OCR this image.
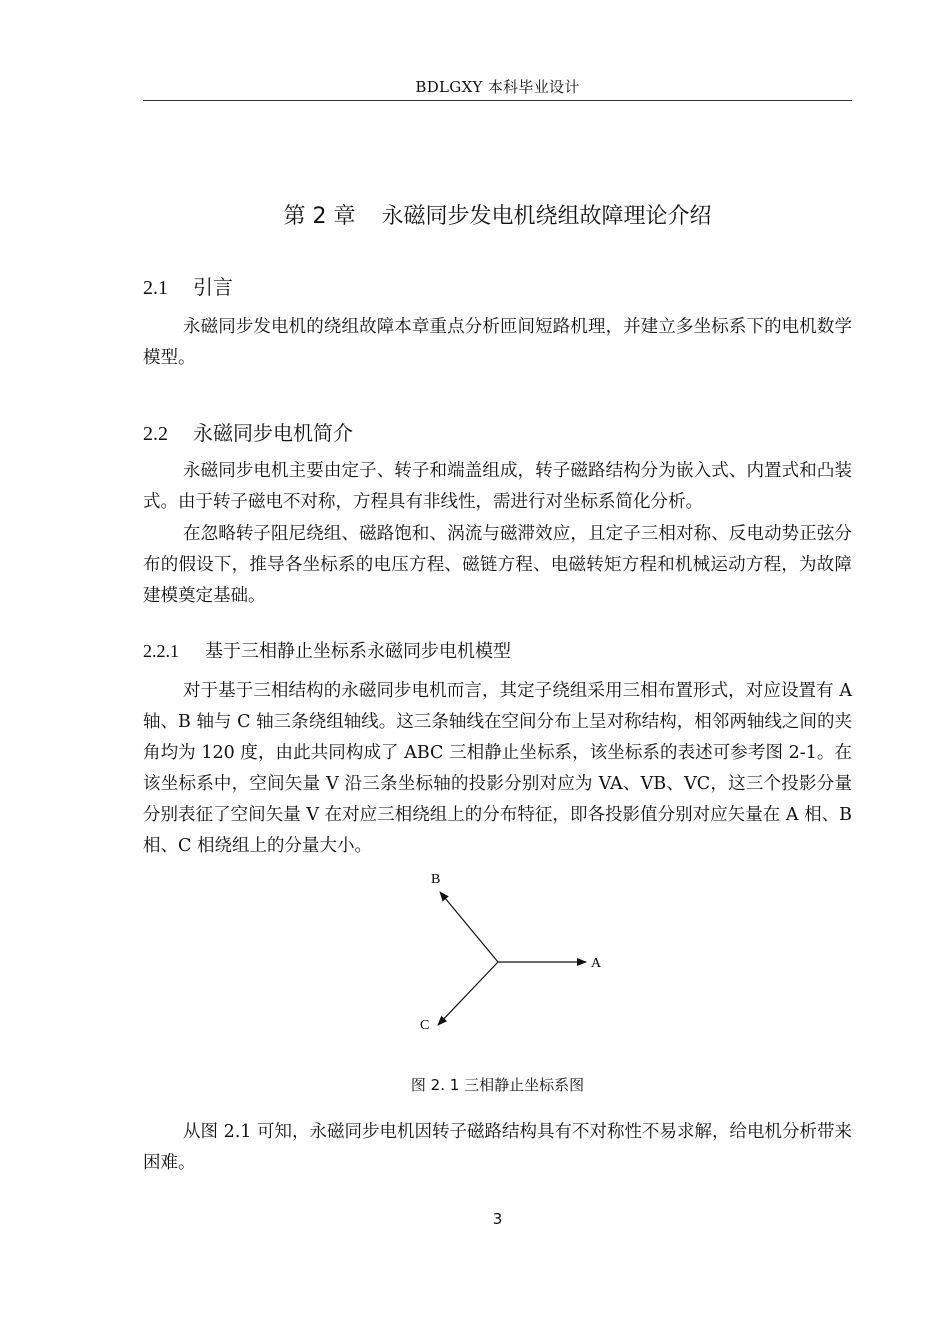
BDLGXY 本科毕业设计
第 2 章 永磁同步发电机绕组故障理论介绍
2.1 引言

永磁同步发电机的绕组故障本章重点分析匝间短路机理，并建立多坐标系下的电机数学模型。

2.2 永磁同步电机简介

永磁同步电机主要由定子、转子和端盖组成，转子磁路结构分为嵌入式、内置式和凸装式。由于转子磁电不对称，方程具有非线性，需进行对坐标系简化分析。

在忽略转子阻尼绕组、磁路饱和、涡流与磁滞效应，且定子三相对称、反电动势正弦分布的假设下，推导各坐标系的电压方程、磁链方程、电磁转矩方程和机械运动方程，为故障建模奠定基础。

2.2.1 基于三相静止坐标系永磁同步电机模型

对于基于三相结构的永磁同步电机而言，其定子绕组采用三相布置形式，对应设置有 A 轴、B 轴与 C 轴三条绕组轴线。这三条轴线在空间分布上呈对称结构，相邻两轴线之间的夹角均为 120 度，由此共同构成了 ABC 三相静止坐标系，该坐标系的表述可参考图 2-1。在该坐标系中，空间矢量 V 沿三条坐标轴的投影分别对应为 VA、VB、VC，这三个投影分量分别表征了空间矢量 V 在对应三相绕组上的分布特征，即各投影值分别对应矢量在 A 相、B 相、C 相绕组上的分量大小。

A
B
C
图 2. 1 三相静止坐标系图

从图 2.1 可知，永磁同步电机因转子磁路结构具有不对称性不易求解，给电机分析带来困难。

3
